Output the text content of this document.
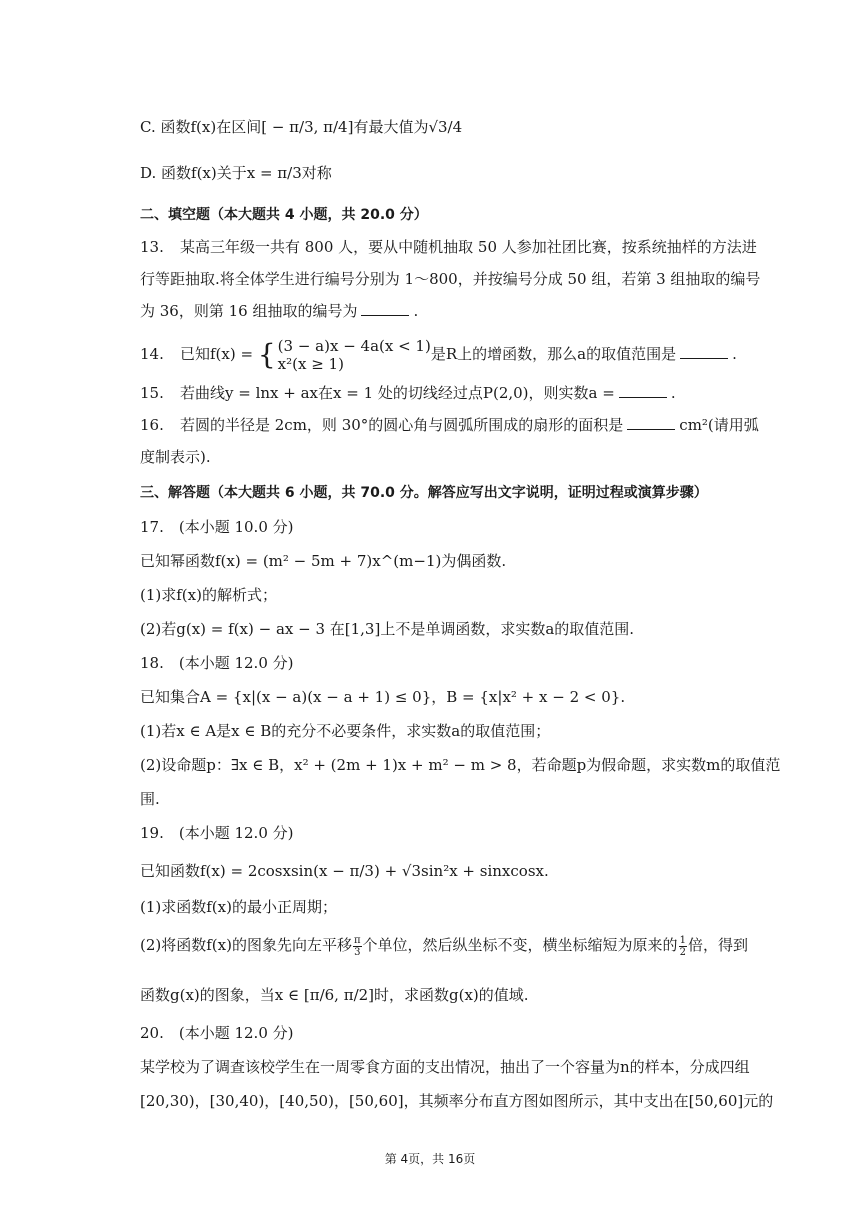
C. 函数f(x)在区间[ − π/3, π/4]有最大值为√3/4
D. 函数f(x)关于x = π/3对称
二、填空题（本大题共 4 小题，共 20.0 分）
13. 某高三年级一共有 800 人，要从中随机抽取 50 人参加社团比赛，按系统抽样的方法进
行等距抽取.将全体学生进行编号分别为 1～800，并按编号分成 50 组，若第 3 组抽取的编号
为 36，则第 16 组抽取的编号为	.
14. 已知f(x) = { (3 − a)x − 4a(x < 1)
x²(x ≥ 1)
是R上的增函数，那么a的取值范围是	.
15. 若曲线y = lnx + ax在x = 1 处的切线经过点P(2,0)，则实数a =	.
16. 若圆的半径是 2cm，则 30°的圆心角与圆弧所围成的扇形的面积是	cm²(请用弧
度制表示).
三、解答题（本大题共 6 小题，共 70.0 分。解答应写出文字说明，证明过程或演算步骤）
17.　(本小题 10.0 分)
已知幂函数f(x) = (m² − 5m + 7)x^(m−1)为偶函数.
(1)求f(x)的解析式；
(2)若g(x) = f(x) − ax − 3 在[1,3]上不是单调函数，求实数a的取值范围.
18.　(本小题 12.0 分)
已知集合A = {x|(x − a)(x − a + 1) ≤ 0}，B = {x|x² + x − 2 < 0}.
(1)若x ∈ A是x ∈ B的充分不必要条件，求实数a的取值范围；
(2)设命题p：∃x ∈ B，x² + (2m + 1)x + m² − m > 8，若命题p为假命题，求实数m的取值范
围.
19.　(本小题 12.0 分)
已知函数f(x) = 2cosxsin(x − π/3) + √3sin²x + sinxcosx.
(1)求函数f(x)的最小正周期；
(2)将函数f(x)的图象先向左平移 $\frac{\pi}{3}$ 个单位，然后纵坐标不变，横坐标缩短为原来的 $\frac{1}{2}$ 倍，得到
函数g(x)的图象，当x ∈ [π/6, π/2]时，求函数g(x)的值域.
20.　(本小题 12.0 分)
某学校为了调查该校学生在一周零食方面的支出情况，抽出了一个容量为n的样本，分成四组
[20,30)，[30,40)，[40,50)，[50,60]，其频率分布直方图如图所示，其中支出在[50,60]元的
第 4页，共 16页
